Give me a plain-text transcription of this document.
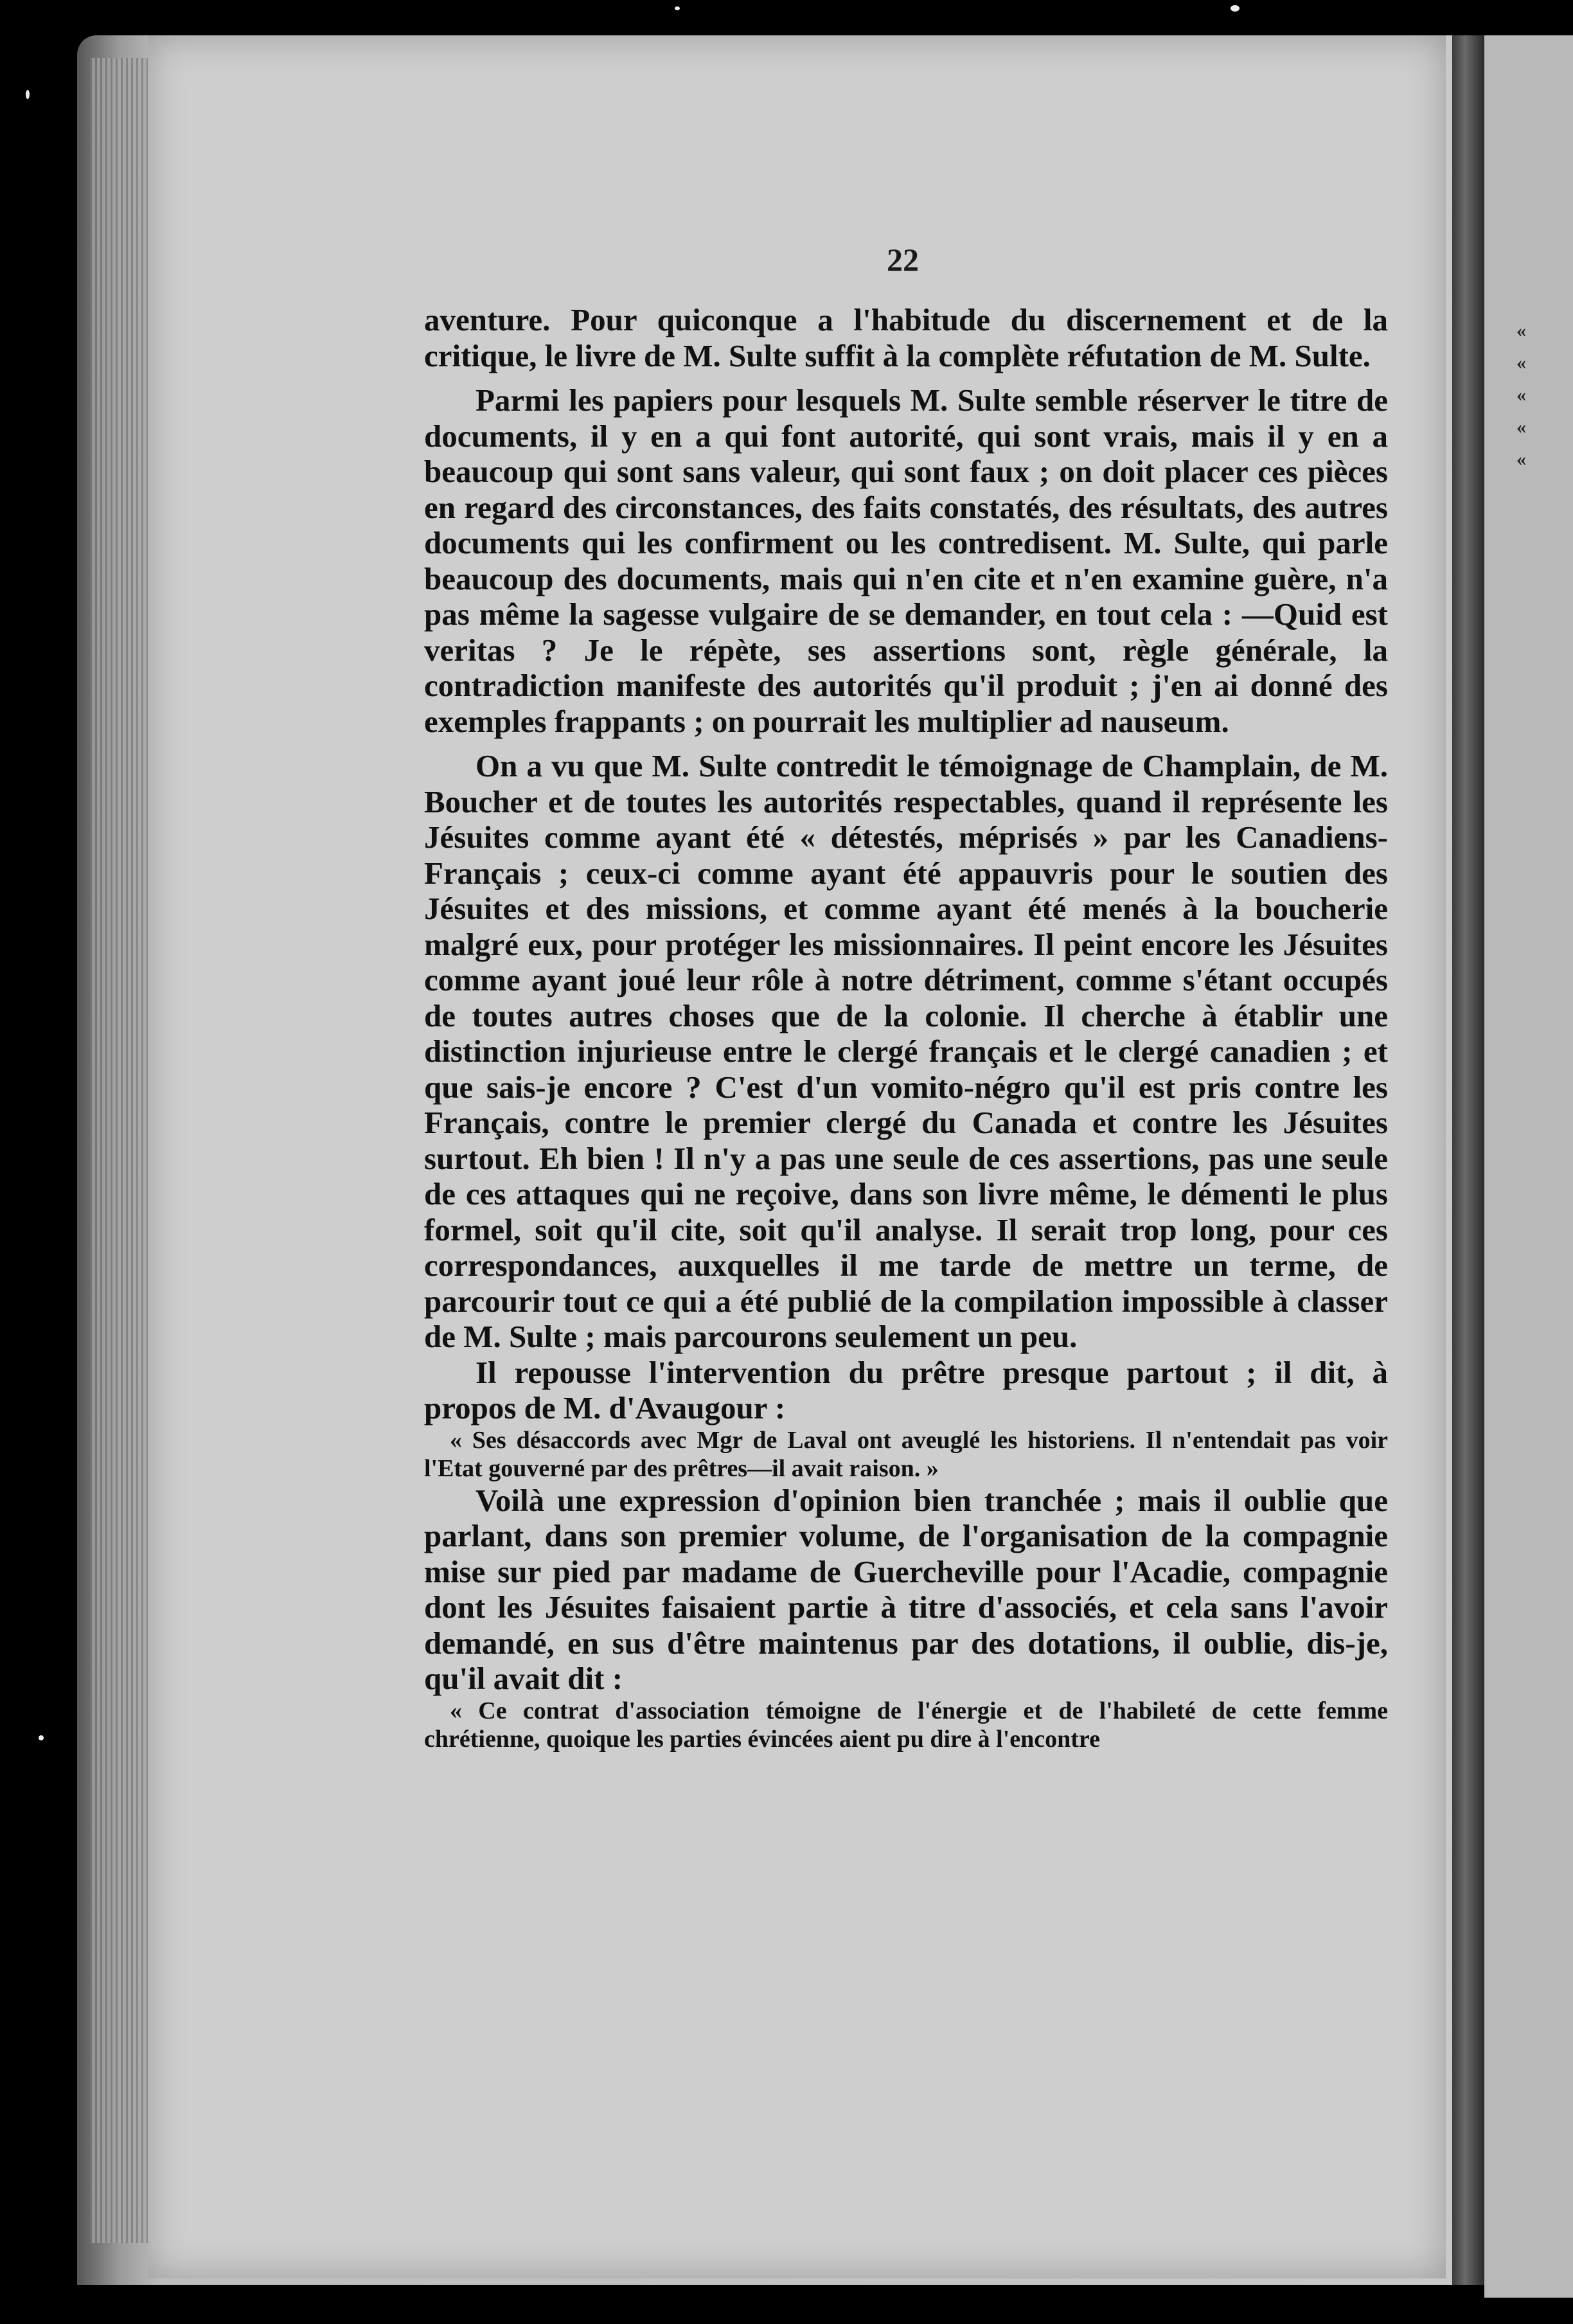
«
«
«
«
«
22

aventure. Pour quiconque a l'habitude du discernement et de la critique, le livre de M. Sulte suffit à la complète réfutation de M. Sulte.

Parmi les papiers pour lesquels M. Sulte semble réserver le titre de documents, il y en a qui font autorité, qui sont vrais, mais il y en a beaucoup qui sont sans valeur, qui sont faux ; on doit placer ces pièces en regard des circonstances, des faits constatés, des résultats, des autres documents qui les confirment ou les contredisent. M. Sulte, qui parle beaucoup des documents, mais qui n'en cite et n'en examine guère, n'a pas même la sagesse vulgaire de se demander, en tout cela : —Quid est veritas ? Je le répète, ses assertions sont, règle générale, la contradiction manifeste des autorités qu'il produit ; j'en ai donné des exemples frappants ; on pourrait les multiplier ad nauseum.

On a vu que M. Sulte contredit le témoignage de Champlain, de M. Boucher et de toutes les autorités respectables, quand il représente les Jésuites comme ayant été « détestés, méprisés » par les Canadiens-Français ; ceux-ci comme ayant été appauvris pour le soutien des Jésuites et des missions, et comme ayant été menés à la boucherie malgré eux, pour protéger les missionnaires. Il peint encore les Jésuites comme ayant joué leur rôle à notre détriment, comme s'étant occupés de toutes autres choses que de la colonie. Il cherche à établir une distinction injurieuse entre le clergé français et le clergé canadien ; et que sais-je encore ? C'est d'un vomito-négro qu'il est pris contre les Français, contre le premier clergé du Canada et contre les Jésuites surtout. Eh bien ! Il n'y a pas une seule de ces assertions, pas une seule de ces attaques qui ne reçoive, dans son livre même, le démenti le plus formel, soit qu'il cite, soit qu'il analyse. Il serait trop long, pour ces correspondances, auxquelles il me tarde de mettre un terme, de parcourir tout ce qui a été publié de la compilation impossible à classer de M. Sulte ; mais parcourons seulement un peu.

Il repousse l'intervention du prêtre presque partout ; il dit, à propos de M. d'Avaugour :

« Ses désaccords avec Mgr de Laval ont aveuglé les historiens. Il n'entendait pas voir l'Etat gouverné par des prêtres—il avait raison. »

Voilà une expression d'opinion bien tranchée ; mais il oublie que parlant, dans son premier volume, de l'organisation de la compagnie mise sur pied par madame de Guercheville pour l'Acadie, compagnie dont les Jésuites faisaient partie à titre d'associés, et cela sans l'avoir demandé, en sus d'être maintenus par des dotations, il oublie, dis-je, qu'il avait dit :

« Ce contrat d'association témoigne de l'énergie et de l'habileté de cette femme chrétienne, quoique les parties évincées aient pu dire à l'encontre
